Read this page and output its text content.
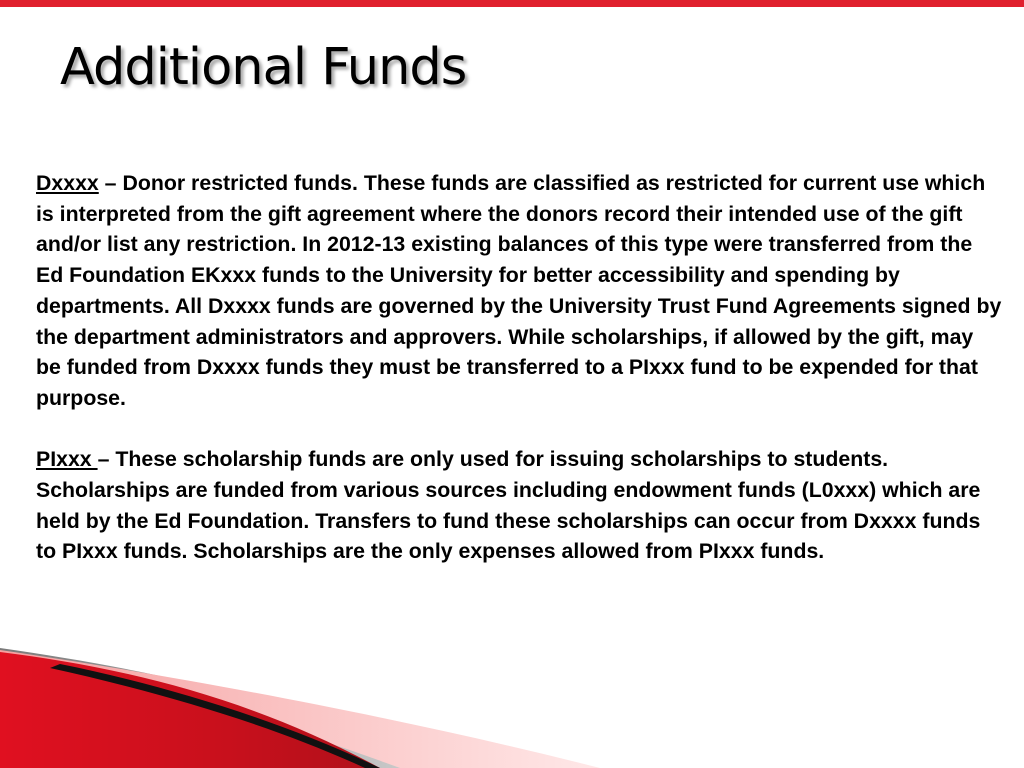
Additional Funds

Dxxxx – Donor restricted funds. These funds are classified as restricted for current use which is interpreted from the gift agreement where the donors record their intended use of the gift and/or list any restriction. In 2012-13 existing balances of this type were transferred from the Ed Foundation EKxxx funds to the University for better accessibility and spending by departments. All Dxxxx funds are governed by the University Trust Fund Agreements signed by the department administrators and approvers. While scholarships, if allowed by the gift, may be funded from Dxxxx funds they must be transferred to a PIxxx fund to be expended for that purpose.

PIxxx – These scholarship funds are only used for issuing scholarships to students. Scholarships are funded from various sources including endowment funds (L0xxx) which are held by the Ed Foundation. Transfers to fund these scholarships can occur from Dxxxx funds to PIxxx funds. Scholarships are the only expenses allowed from PIxxx funds.
